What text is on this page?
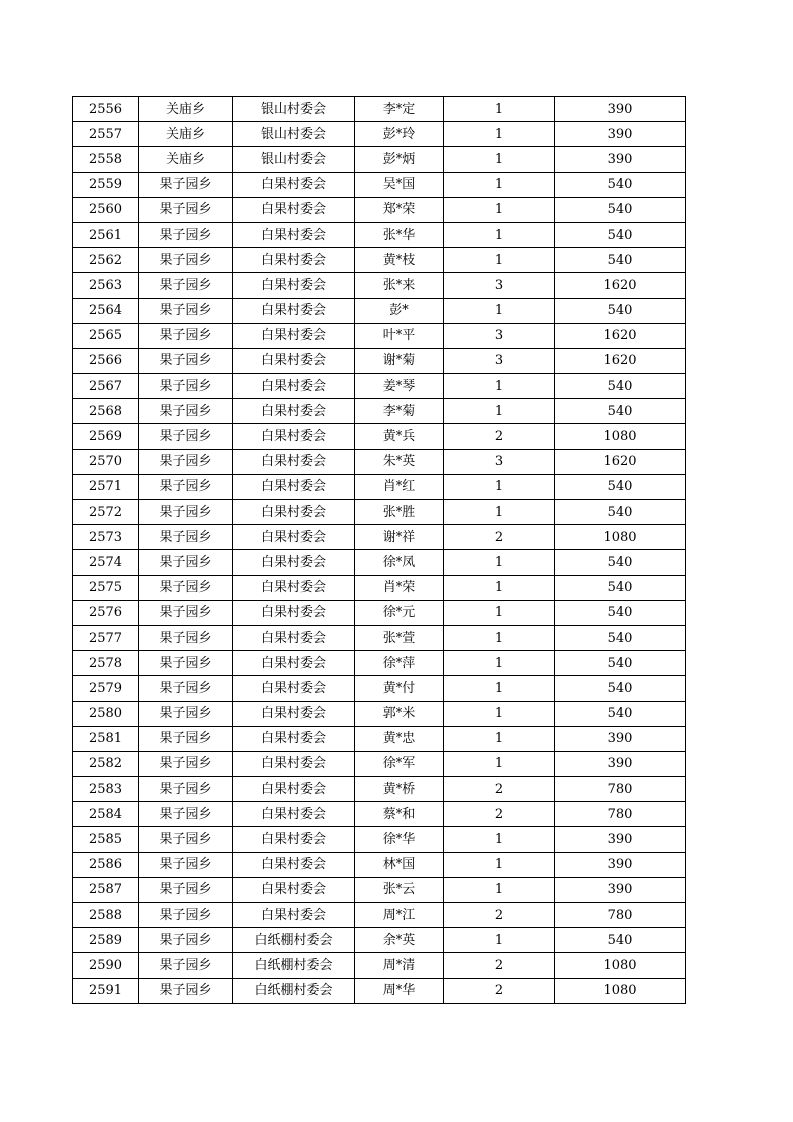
2556	关庙乡	银山村委会	李*定	1	390
2557	关庙乡	银山村委会	彭*玲	1	390
2558	关庙乡	银山村委会	彭*炳	1	390
2559	果子园乡	白果村委会	吴*国	1	540
2560	果子园乡	白果村委会	郑*荣	1	540
2561	果子园乡	白果村委会	张*华	1	540
2562	果子园乡	白果村委会	黄*枝	1	540
2563	果子园乡	白果村委会	张*来	3	1620
2564	果子园乡	白果村委会	彭*	1	540
2565	果子园乡	白果村委会	叶*平	3	1620
2566	果子园乡	白果村委会	谢*菊	3	1620
2567	果子园乡	白果村委会	姜*琴	1	540
2568	果子园乡	白果村委会	李*菊	1	540
2569	果子园乡	白果村委会	黄*兵	2	1080
2570	果子园乡	白果村委会	朱*英	3	1620
2571	果子园乡	白果村委会	肖*红	1	540
2572	果子园乡	白果村委会	张*胜	1	540
2573	果子园乡	白果村委会	谢*祥	2	1080
2574	果子园乡	白果村委会	徐*凤	1	540
2575	果子园乡	白果村委会	肖*荣	1	540
2576	果子园乡	白果村委会	徐*元	1	540
2577	果子园乡	白果村委会	张*萱	1	540
2578	果子园乡	白果村委会	徐*萍	1	540
2579	果子园乡	白果村委会	黄*付	1	540
2580	果子园乡	白果村委会	郭*米	1	540
2581	果子园乡	白果村委会	黄*忠	1	390
2582	果子园乡	白果村委会	徐*军	1	390
2583	果子园乡	白果村委会	黄*桥	2	780
2584	果子园乡	白果村委会	蔡*和	2	780
2585	果子园乡	白果村委会	徐*华	1	390
2586	果子园乡	白果村委会	林*国	1	390
2587	果子园乡	白果村委会	张*云	1	390
2588	果子园乡	白果村委会	周*江	2	780
2589	果子园乡	白纸棚村委会	余*英	1	540
2590	果子园乡	白纸棚村委会	周*清	2	1080
2591	果子园乡	白纸棚村委会	周*华	2	1080
